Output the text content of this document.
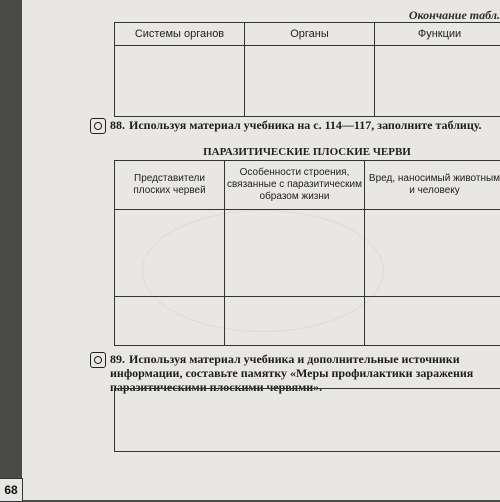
Окончание табл.
Системы органов	Органы	Функции

88. Используя материал учебника на с. 114—117, заполните таблицу.
ПАРАЗИТИЧЕСКИЕ ПЛОСКИЕ ЧЕРВИ
Представители плоских червей	Особенности строения, связанные с паразитическим образом жизни	Вред, наносимый животным и человеку

89. Используя материал учебника и дополнительные источники информации, составьте памятку «Меры профилактики заражения паразитическими плоскими червями».
68
